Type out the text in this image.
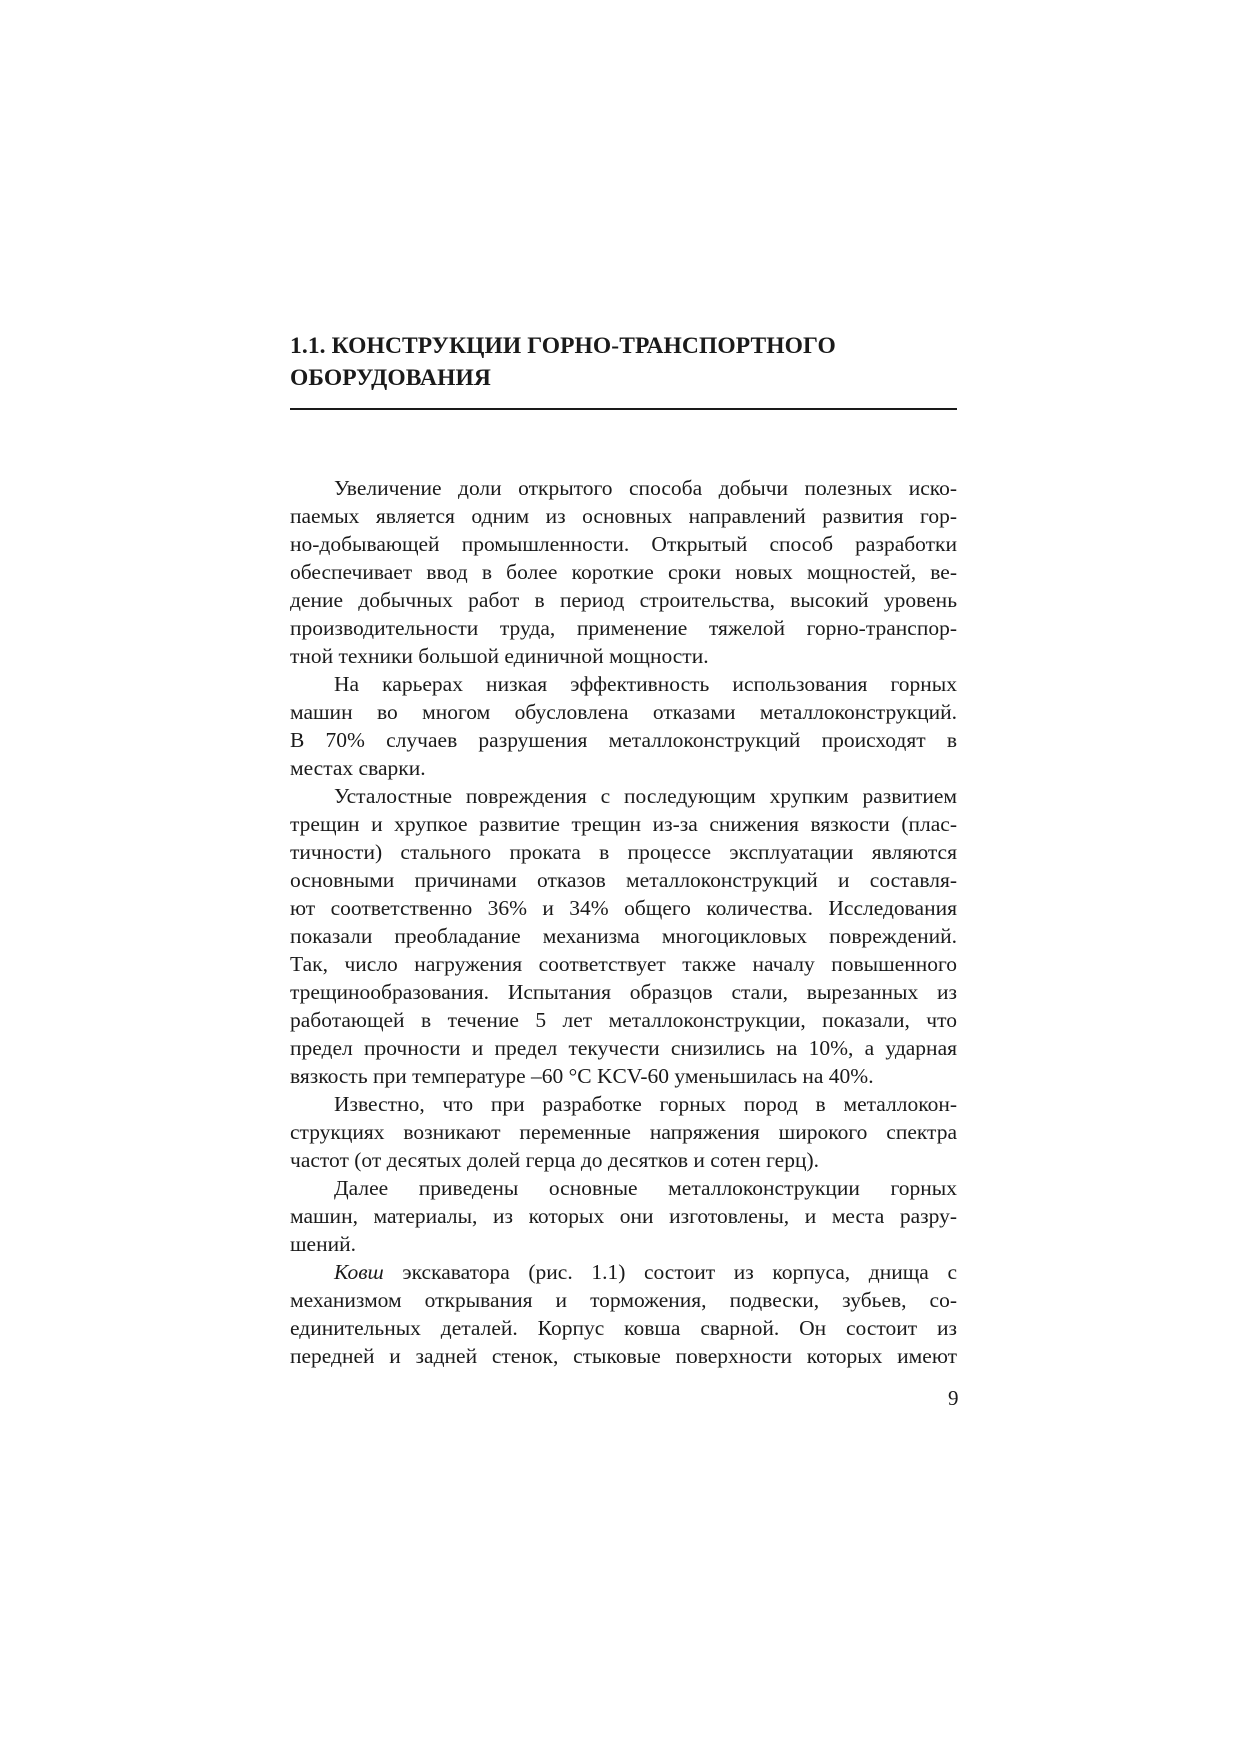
1.1. КОНСТРУКЦИИ ГОРНО-ТРАНСПОРТНОГО
ОБОРУДОВАНИЯ

Увеличение доли открытого способа добычи полезных иско-
паемых является одним из основных направлений развития гор-
но-добывающей промышленности. Открытый способ разработки
обеспечивает ввод в более короткие сроки новых мощностей, ве-
дение добычных работ в период строительства, высокий уровень
производительности труда, применение тяжелой горно-транспор-
тной техники большой единичной мощности.

На карьерах низкая эффективность использования горных
машин во многом обусловлена отказами металлоконструкций.
В 70% случаев разрушения металлоконструкций происходят в
местах сварки.

Усталостные повреждения с последующим хрупким развитием
трещин и хрупкое развитие трещин из-за снижения вязкости (плас-
тичности) стального проката в процессе эксплуатации являются
основными причинами отказов металлоконструкций и составля-
ют соответственно 36% и 34% общего количества. Исследования
показали преобладание механизма многоцикловых повреждений.
Так, число нагружения соответствует также началу повышенного
трещинообразования. Испытания образцов стали, вырезанных из
работающей в течение 5 лет металлоконструкции, показали, что
предел прочности и предел текучести снизились на 10%, а ударная
вязкость при температуре –60 °С KCV-60 уменьшилась на 40%.

Известно, что при разработке горных пород в металлокон-
струкциях возникают переменные напряжения широкого спектра
частот (от десятых долей герца до десятков и сотен герц).

Далее приведены основные металлоконструкции горных
машин, материалы, из которых они изготовлены, и места разру-
шений.

Ковш экскаватора (рис. 1.1) состоит из корпуса, днища с
механизмом открывания и торможения, подвески, зубьев, со-
единительных деталей. Корпус ковша сварной. Он состоит из
передней и задней стенок, стыковые поверхности которых имеют

9
